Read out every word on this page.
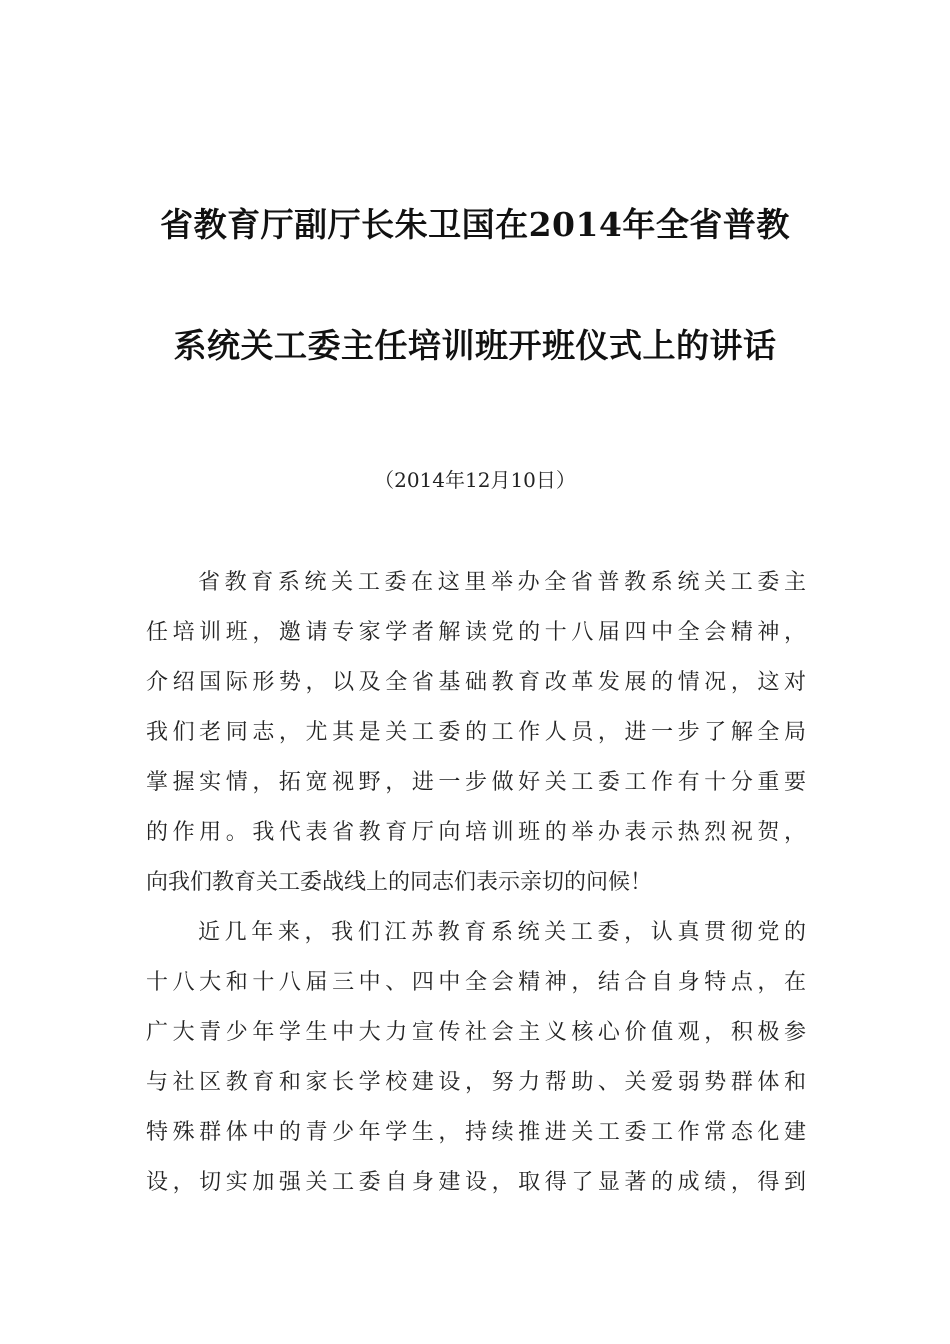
省教育厅副厅长朱卫国在2014年全省普教
系统关工委主任培训班开班仪式上的讲话
（2014年12月10日）
省教育系统关工委在这里举办全省普教系统关工委主
任培训班，邀请专家学者解读党的十八届四中全会精神，
介绍国际形势，以及全省基础教育改革发展的情况，这对
我们老同志，尤其是关工委的工作人员，进一步了解全局
掌握实情，拓宽视野，进一步做好关工委工作有十分重要
的作用。我代表省教育厅向培训班的举办表示热烈祝贺，
向我们教育关工委战线上的同志们表示亲切的问候！
近几年来，我们江苏教育系统关工委，认真贯彻党的
十八大和十八届三中、四中全会精神，结合自身特点，在
广大青少年学生中大力宣传社会主义核心价值观，积极参
与社区教育和家长学校建设，努力帮助、关爱弱势群体和
特殊群体中的青少年学生，持续推进关工委工作常态化建
设，切实加强关工委自身建设，取得了显著的成绩，得到
